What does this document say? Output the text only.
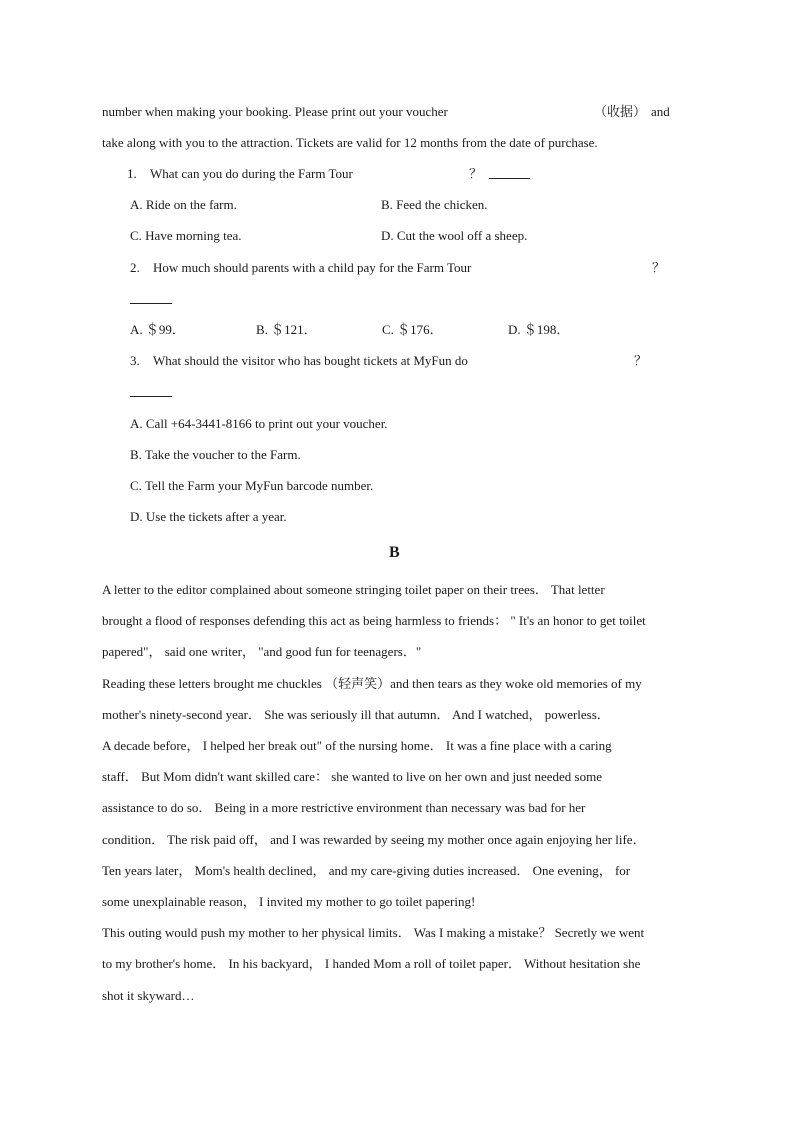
number when making your booking. Please print out your voucher	（收据） and
take along with you to the attraction. Tickets are valid for 12 months from the date of purchase.
1. What can you do during the Farm Tour	？
A. Ride on the farm.	B. Feed the chicken.
C. Have morning tea.	D. Cut the wool off a sheep.
2. How much should parents with a child pay for the Farm Tour	？
A. ＄99．	B. ＄121．	C. ＄176．	D. ＄198．
3. What should the visitor who has bought tickets at MyFun do	？
A. Call +64-3441-8166 to print out your voucher.
B. Take the voucher to the Farm.
C. Tell the Farm your MyFun barcode number.
D. Use the tickets after a year.
B
A letter to the editor complained about someone stringing toilet paper on their trees． That letter
brought a flood of responses defending this act as being harmless to friends： " It's an honor to get toilet
papered"， said one writer， "and good fun for teenagers．"
Reading these letters brought me chuckles （轻声笑）and then tears as they woke old memories of my
mother's ninety-second year． She was seriously ill that autumn． And I watched， powerless．
A decade before， I helped her break out" of the nursing home． It was a fine place with a caring
staff． But Mom didn't want skilled care： she wanted to live on her own and just needed some
assistance to do so． Being in a more restrictive environment than necessary was bad for her
condition． The risk paid off， and I was rewarded by seeing my mother once again enjoying her life．
Ten years later， Mom's health declined， and my care-giving duties increased． One evening， for
some unexplainable reason， I invited my mother to go toilet papering!
This outing would push my mother to her physical limits． Was I making a mistake？ Secretly we went
to my brother's home． In his backyard， I handed Mom a roll of toilet paper． Without hesitation she
shot it skyward…
